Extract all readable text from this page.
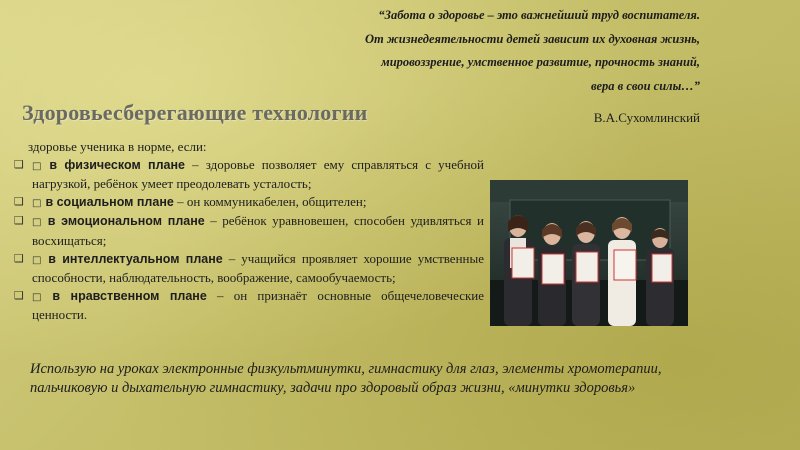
“Забота о здоровье – это важнейший труд воспитателя.
От жизнедеятельности детей зависит их духовная жизнь,
мировоззрение, умственное развитие, прочность знаний,
вера в свои силы…”
В.А.Сухомлинский
Здоровьесберегающие технологии
здоровье ученика в норме, если:
❑ □ в физическом плане – здоровье позволяет ему справляться с учебной нагрузкой, ребёнок умеет преодолевать усталость;
❑ □ в социальном плане – он коммуникабелен, общителен;
❑ □ в эмоциональном плане – ребёнок уравновешен, способен удивляться и восхищаться;
❑ □ в интеллектуальном плане – учащийся проявляет хорошие умственные способности, наблюдательность, воображение, самообучаемость;
❑ □ в нравственном плане – он признаёт основные общечеловеческие ценности.
Использую на уроках электронные физкультминутки, гимнастику для глаз, элементы хромотерапии, пальчиковую и дыхательную гимнастику, задачи про здоровый образ жизни, «минутки здоровья»
